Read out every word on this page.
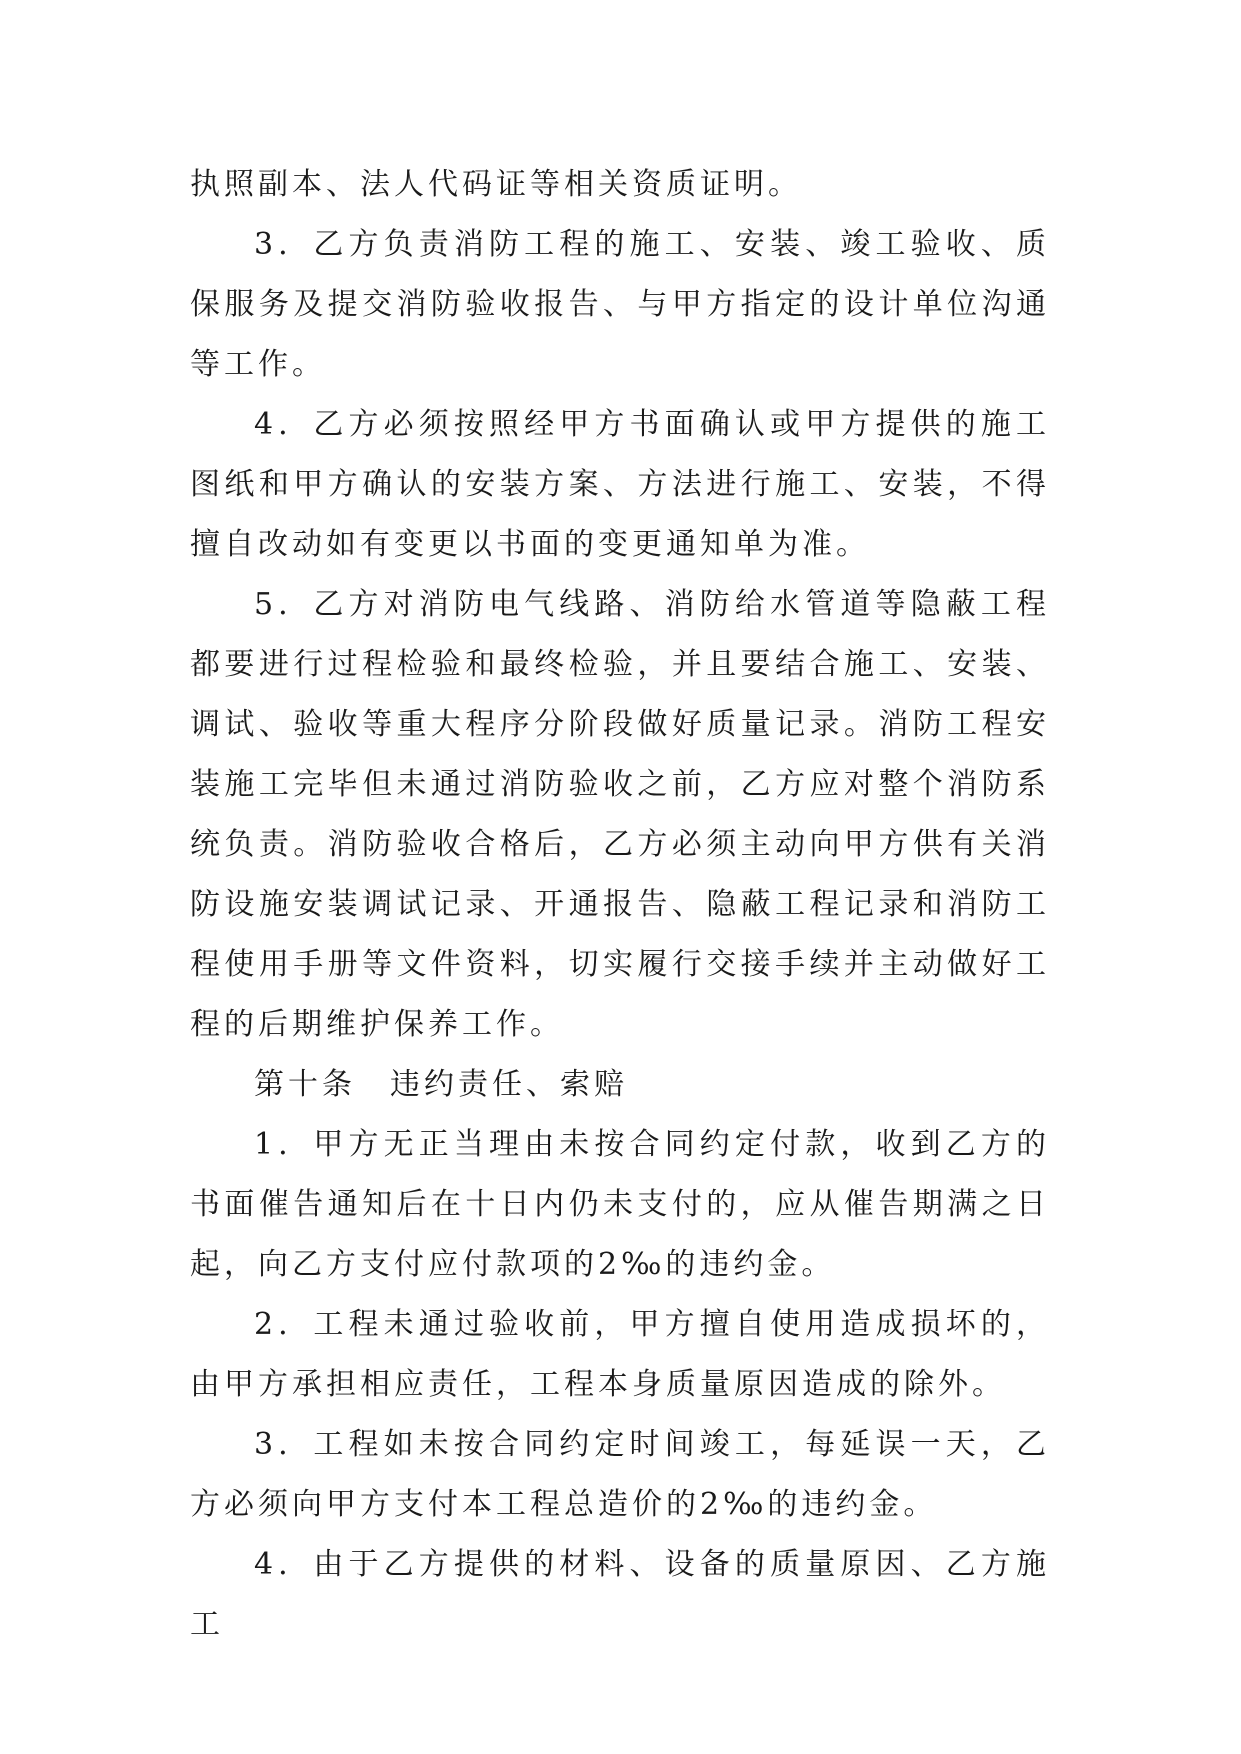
执照副本、法人代码证等相关资质证明。

3．乙方负责消防工程的施工、安装、竣工验收、质保服务及提交消防验收报告、与甲方指定的设计单位沟通等工作。

4．乙方必须按照经甲方书面确认或甲方提供的施工图纸和甲方确认的安装方案、方法进行施工、安装，不得擅自改动如有变更以书面的变更通知单为准。

5．乙方对消防电气线路、消防给水管道等隐蔽工程都要进行过程检验和最终检验，并且要结合施工、安装、调试、验收等重大程序分阶段做好质量记录。消防工程安装施工完毕但未通过消防验收之前，乙方应对整个消防系统负责。消防验收合格后，乙方必须主动向甲方供有关消防设施安装调试记录、开通报告、隐蔽工程记录和消防工程使用手册等文件资料，切实履行交接手续并主动做好工程的后期维护保养工作。

第十条　违约责任、索赔

1．甲方无正当理由未按合同约定付款，收到乙方的书面催告通知后在十日内仍未支付的，应从催告期满之日起，向乙方支付应付款项的2‰的违约金。

2．工程未通过验收前，甲方擅自使用造成损坏的，由甲方承担相应责任，工程本身质量原因造成的除外。

3．工程如未按合同约定时间竣工，每延误一天，乙方必须向甲方支付本工程总造价的2‰的违约金。

4．由于乙方提供的材料、设备的质量原因、乙方施工
